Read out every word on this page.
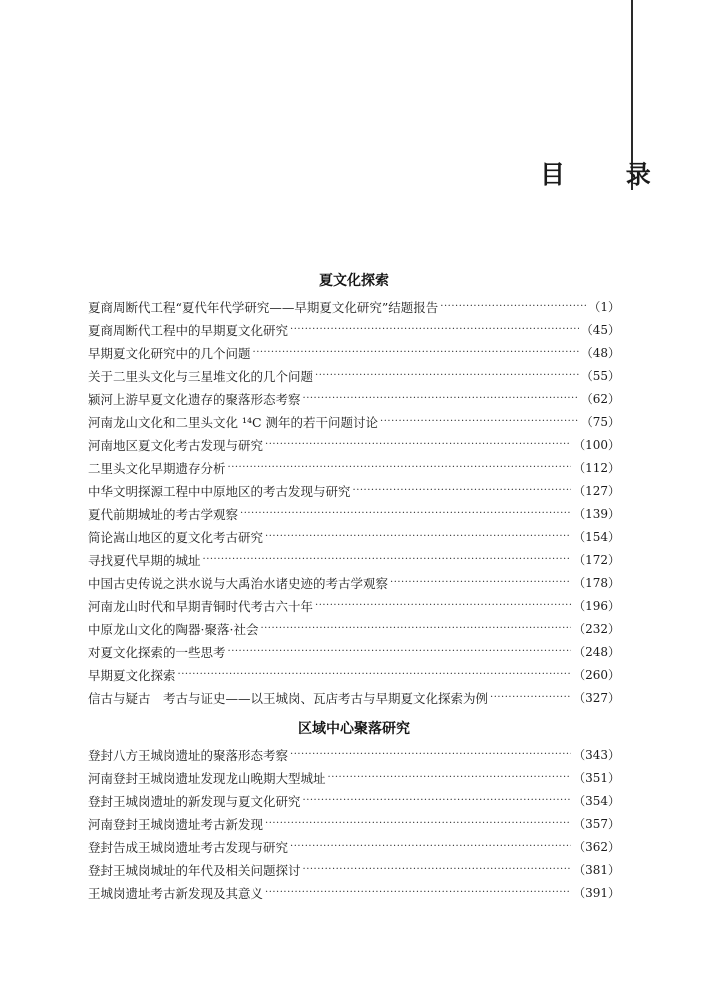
目 录
夏文化探索
夏商周断代工程“夏代年代学研究——早期夏文化研究”结题报告 ·····	（1）
夏商周断代工程中的早期夏文化研究 ·····	（45）
早期夏文化研究中的几个问题 ·····	（48）
关于二里头文化与三星堆文化的几个问题 ·····	（55）
颍河上游早夏文化遗存的聚落形态考察 ·····	（62）
河南龙山文化和二里头文化 ¹⁴C 测年的若干问题讨论 ·····	（75）
河南地区夏文化考古发现与研究 ·····	（100）
二里头文化早期遗存分析 ·····	（112）
中华文明探源工程中中原地区的考古发现与研究 ·····	（127）
夏代前期城址的考古学观察 ·····	（139）
简论嵩山地区的夏文化考古研究 ·····	（154）
寻找夏代早期的城址 ·····	（172）
中国古史传说之洪水说与大禹治水诸史迹的考古学观察 ·····	（178）
河南龙山时代和早期青铜时代考古六十年 ·····	（196）
中原龙山文化的陶器·聚落·社会 ·····	（232）
对夏文化探索的一些思考 ·····	（248）
早期夏文化探索 ·····	（260）
信古与疑古　考古与证史——以王城岗、瓦店考古与早期夏文化探索为例 ·····	（327）
区域中心聚落研究
登封八方王城岗遗址的聚落形态考察 ·····	（343）
河南登封王城岗遗址发现龙山晚期大型城址 ·····	（351）
登封王城岗遗址的新发现与夏文化研究 ·····	（354）
河南登封王城岗遗址考古新发现 ·····	（357）
登封告成王城岗遗址考古发现与研究 ·····	（362）
登封王城岗城址的年代及相关问题探讨 ·····	（381）
王城岗遗址考古新发现及其意义 ·····	（391）
